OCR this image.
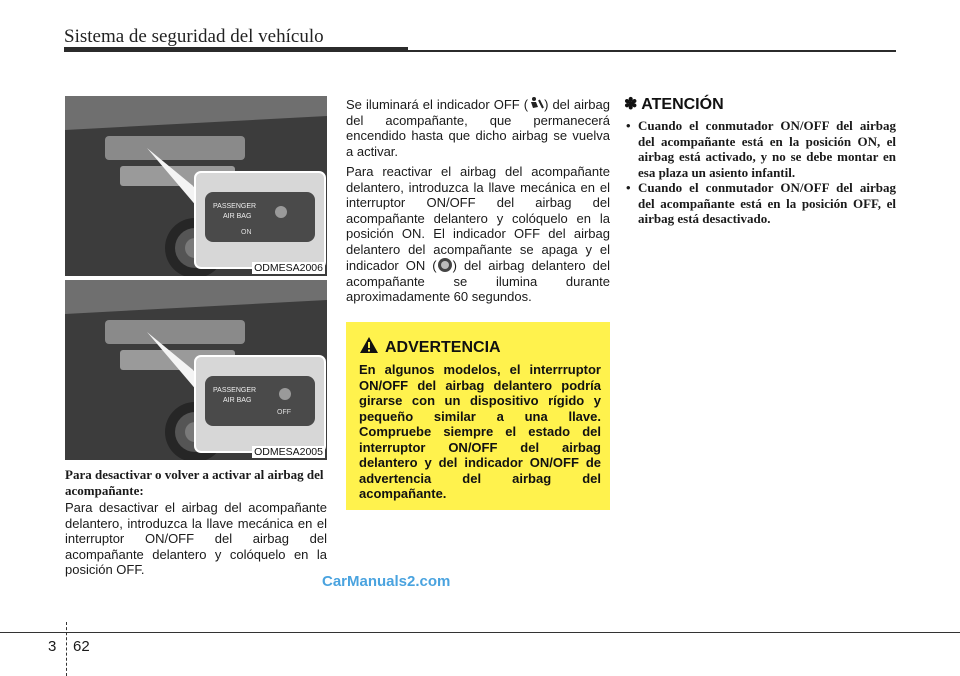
Sistema de seguridad del vehículo
ON
PASSENGER
AIR BAG
ODMESA2006
OFF
PASSENGER
AIR BAG
ODMESA2005
Para desactivar o volver a activar al airbag del acompañante:
Para desactivar el airbag del acompañante delantero, introduzca la llave mecánica en el interruptor ON/OFF del airbag del acompañante delantero y colóquelo en la posición OFF.

Se iluminará el indicador OFF ( ) del airbag del acompañante, que permanecerá encendido hasta que dicho airbag se vuelva a activar.

Para reactivar el airbag del acompañante delantero, introduzca la llave mecánica en el interruptor ON/OFF del airbag del acompañante delantero y colóquelo en la posición ON. El indicador OFF del airbag delantero del acompañante se apaga y el indicador ON ( ) del airbag delantero del acompañante se ilumina durante aproximadamente 60 segundos.

ADVERTENCIA
En algunos modelos, el interrruptor ON/OFF del airbag delantero podría girarse con un dispositivo rígido y pequeño similar a una llave. Compruebe siempre el estado del interruptor ON/OFF del airbag delantero y del indicador ON/OFF de advertencia del airbag del acompañante.
✽ ATENCIÓN
• Cuando el conmutador ON/OFF del airbag del acompañante está en la posición ON, el airbag está activado, y no se debe montar en esa plaza un asiento infantil.
• Cuando el conmutador ON/OFF del airbag del acompañante está en la posición OFF, el airbag está desactivado.
CarManuals2.com
3 62
